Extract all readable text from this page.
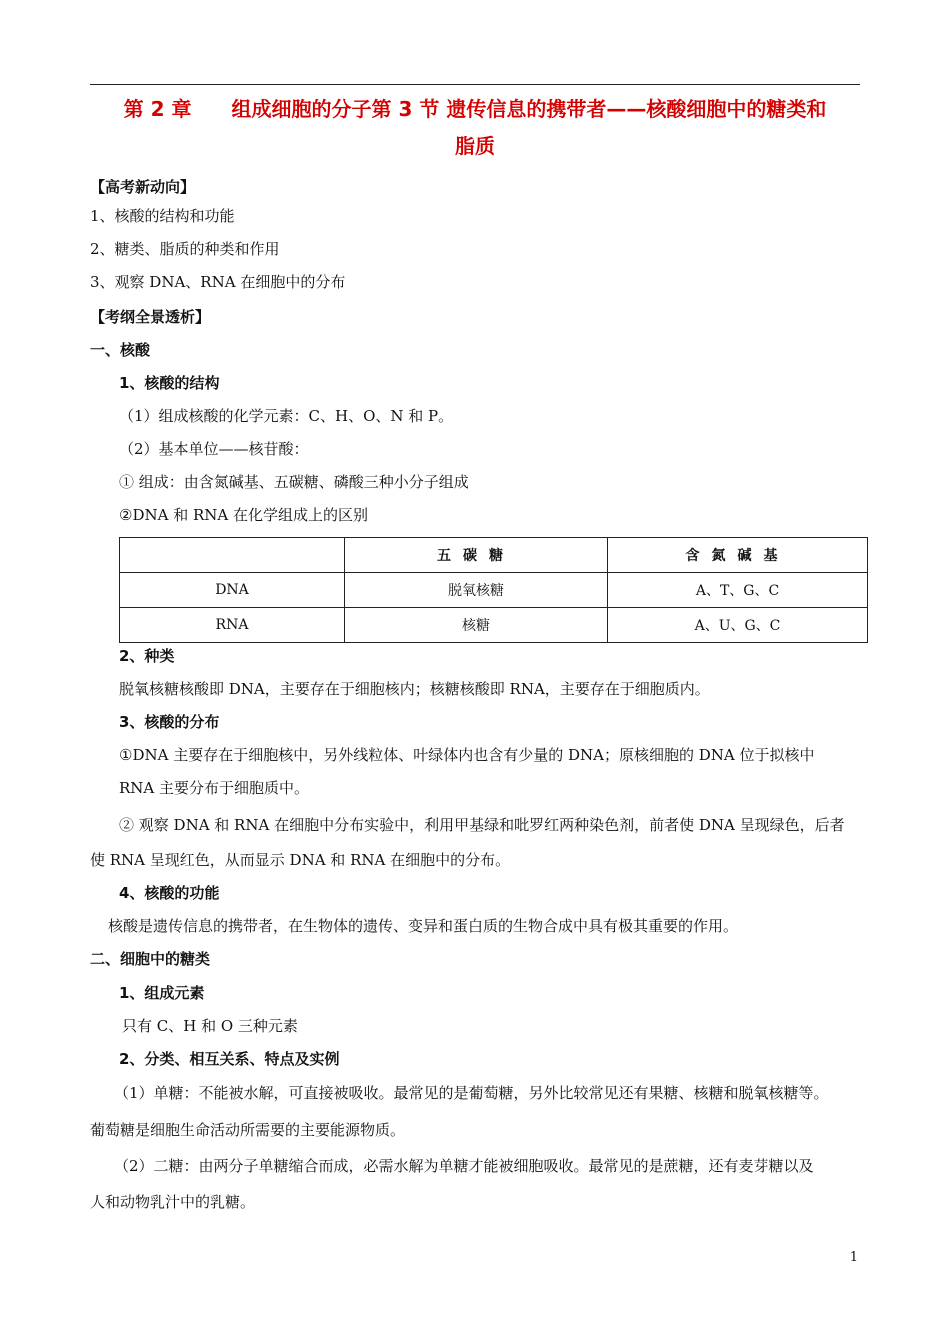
第 2 章　　组成细胞的分子第 3 节 遗传信息的携带者——核酸细胞中的糖类和
脂质
【高考新动向】
1、核酸的结构和功能
2、糖类、脂质的种类和作用
3、观察 DNA、RNA 在细胞中的分布
【考纲全景透析】
一、核酸
1、核酸的结构
（1）组成核酸的化学元素：C、H、O、N 和 P。
（2）基本单位——核苷酸：
① 组成：由含氮碱基、五碳糖、磷酸三种小分子组成
②DNA 和 RNA 在化学组成上的区别
	五碳糖	含氮碱基
DNA	脱氧核糖	A、T、G、C
RNA	核糖	A、U、G、C
2、种类
脱氧核糖核酸即 DNA，主要存在于细胞核内；核糖核酸即 RNA，主要存在于细胞质内。
3、核酸的分布
①DNA 主要存在于细胞核中，另外线粒体、叶绿体内也含有少量的 DNA；原核细胞的 DNA 位于拟核中
RNA 主要分布于细胞质中。
② 观察 DNA 和 RNA 在细胞中分布实验中，利用甲基绿和吡罗红两种染色剂，前者使 DNA 呈现绿色，后者
使 RNA 呈现红色，从而显示 DNA 和 RNA 在细胞中的分布。
4、核酸的功能
核酸是遗传信息的携带者，在生物体的遗传、变异和蛋白质的生物合成中具有极其重要的作用。
二、细胞中的糖类
1、组成元素
只有 C、H 和 O 三种元素
2、分类、相互关系、特点及实例
（1）单糖：不能被水解，可直接被吸收。最常见的是葡萄糖，另外比较常见还有果糖、核糖和脱氧核糖等。
葡萄糖是细胞生命活动所需要的主要能源物质。
（2）二糖：由两分子单糖缩合而成，必需水解为单糖才能被细胞吸收。最常见的是蔗糖，还有麦芽糖以及
人和动物乳汁中的乳糖。
1
